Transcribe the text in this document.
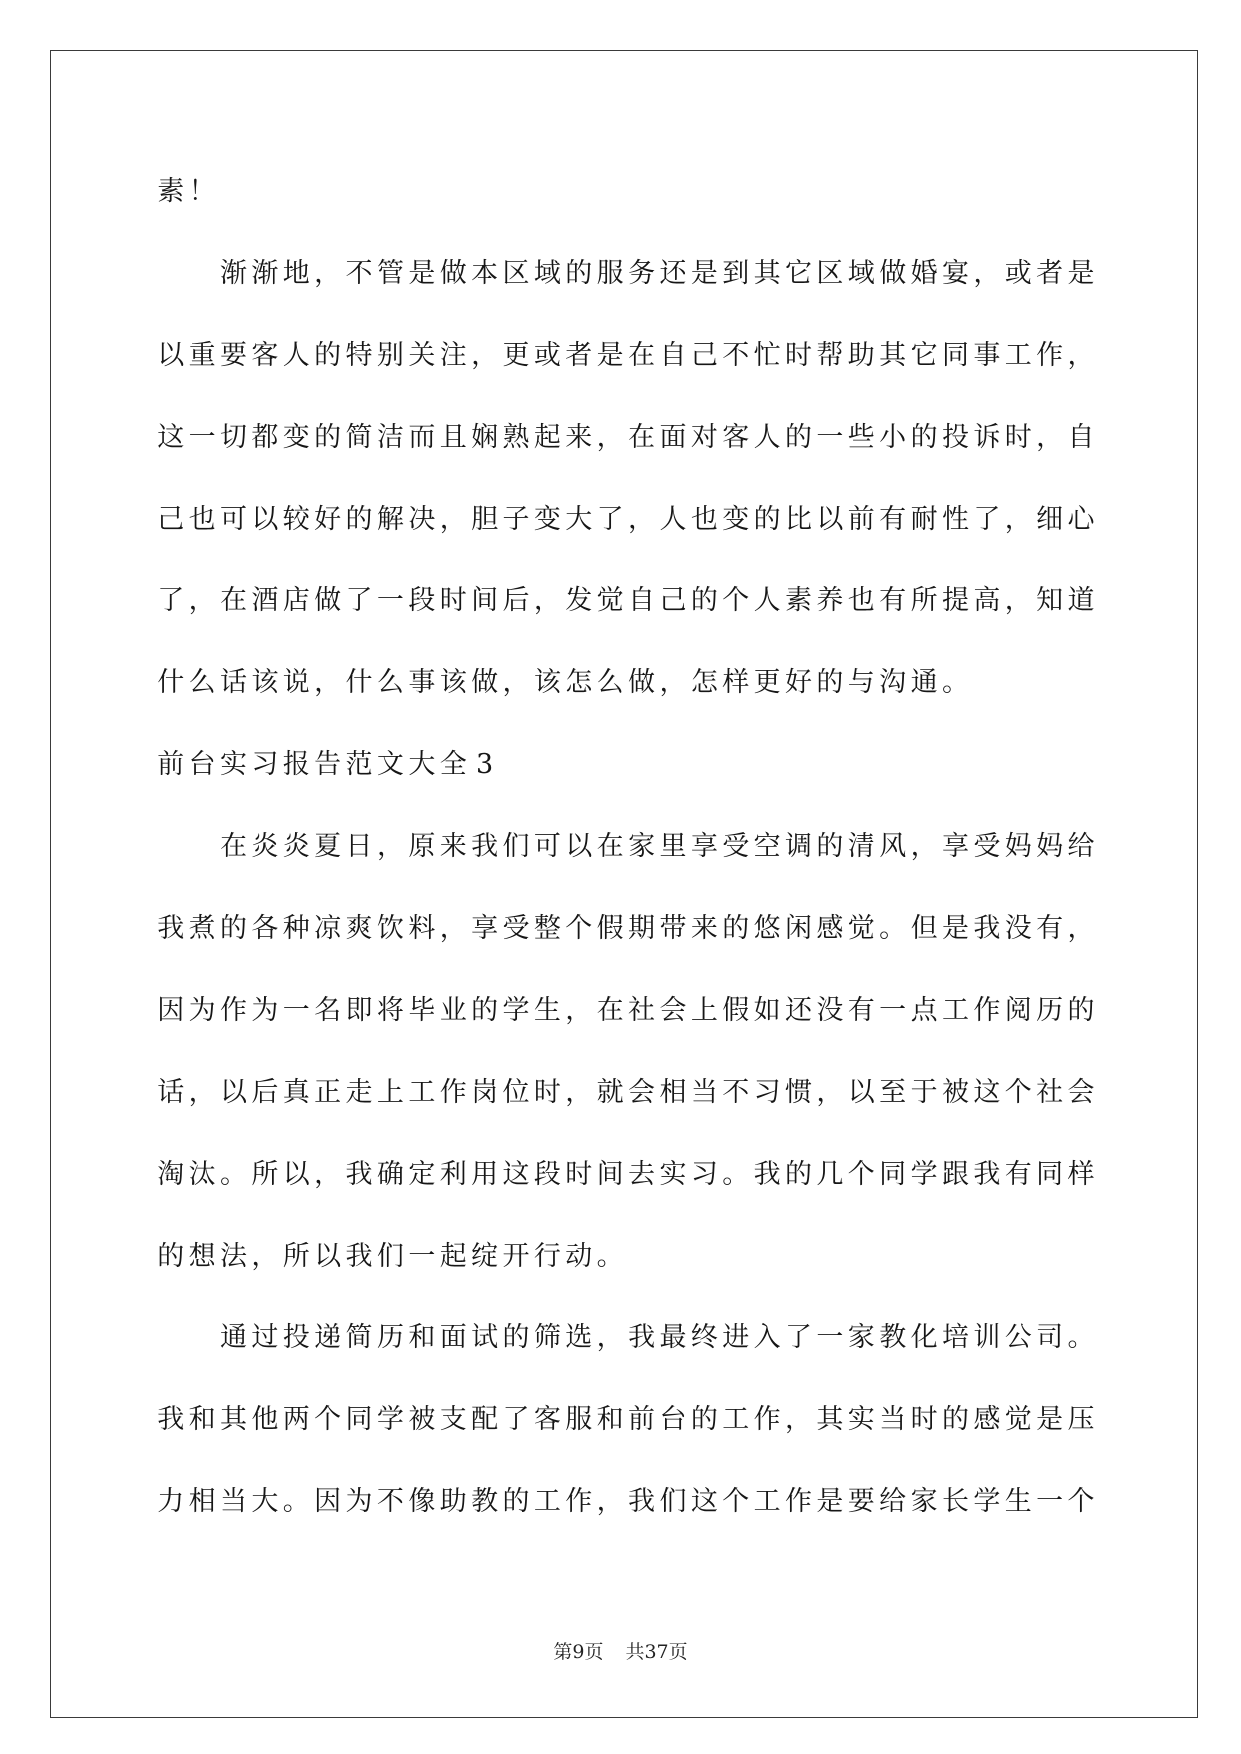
素 ！
渐 渐 地 ， 不 管 是 做 本 区 域 的 服 务 还 是 到 其 它 区 域 做 婚 宴 ， 或 者 是
以 重 要 客 人 的 特 别 关 注 ， 更 或 者 是 在 自 己 不 忙 时 帮 助 其 它 同 事 工 作 ，
这 一 切 都 变 的 简 洁 而 且 娴 熟 起 来 ， 在 面 对 客 人 的 一 些 小 的 投 诉 时 ， 自
己 也 可 以 较 好 的 解 决 ， 胆 子 变 大 了 ， 人 也 变 的 比 以 前 有 耐 性 了 ， 细 心
了 ， 在 酒 店 做 了 一 段 时 间 后 ， 发 觉 自 己 的 个 人 素 养 也 有 所 提 高 ， 知 道
什 么 话 该 说 ， 什 么 事 该 做 ， 该 怎 么 做 ， 怎 样 更 好 的 与 沟 通 。
前 台 实 习 报 告 范 文 大 全 3
在 炎 炎 夏 日 ， 原 来 我 们 可 以 在 家 里 享 受 空 调 的 清 风 ， 享 受 妈 妈 给
我 煮 的 各 种 凉 爽 饮 料 ， 享 受 整 个 假 期 带 来 的 悠 闲 感 觉 。 但 是 我 没 有 ，
因 为 作 为 一 名 即 将 毕 业 的 学 生 ， 在 社 会 上 假 如 还 没 有 一 点 工 作 阅 历 的
话 ， 以 后 真 正 走 上 工 作 岗 位 时 ， 就 会 相 当 不 习 惯 ， 以 至 于 被 这 个 社 会
淘 汰 。 所 以 ， 我 确 定 利 用 这 段 时 间 去 实 习 。 我 的 几 个 同 学 跟 我 有 同 样
的 想 法 ， 所 以 我 们 一 起 绽 开 行 动 。
通 过 投 递 简 历 和 面 试 的 筛 选 ， 我 最 终 进 入 了 一 家 教 化 培 训 公 司 。
我 和 其 他 两 个 同 学 被 支 配 了 客 服 和 前 台 的 工 作 ， 其 实 当 时 的 感 觉 是 压
力 相 当 大 。 因 为 不 像 助 教 的 工 作 ， 我 们 这 个 工 作 是 要 给 家 长 学 生 一 个
第9页 共37页
